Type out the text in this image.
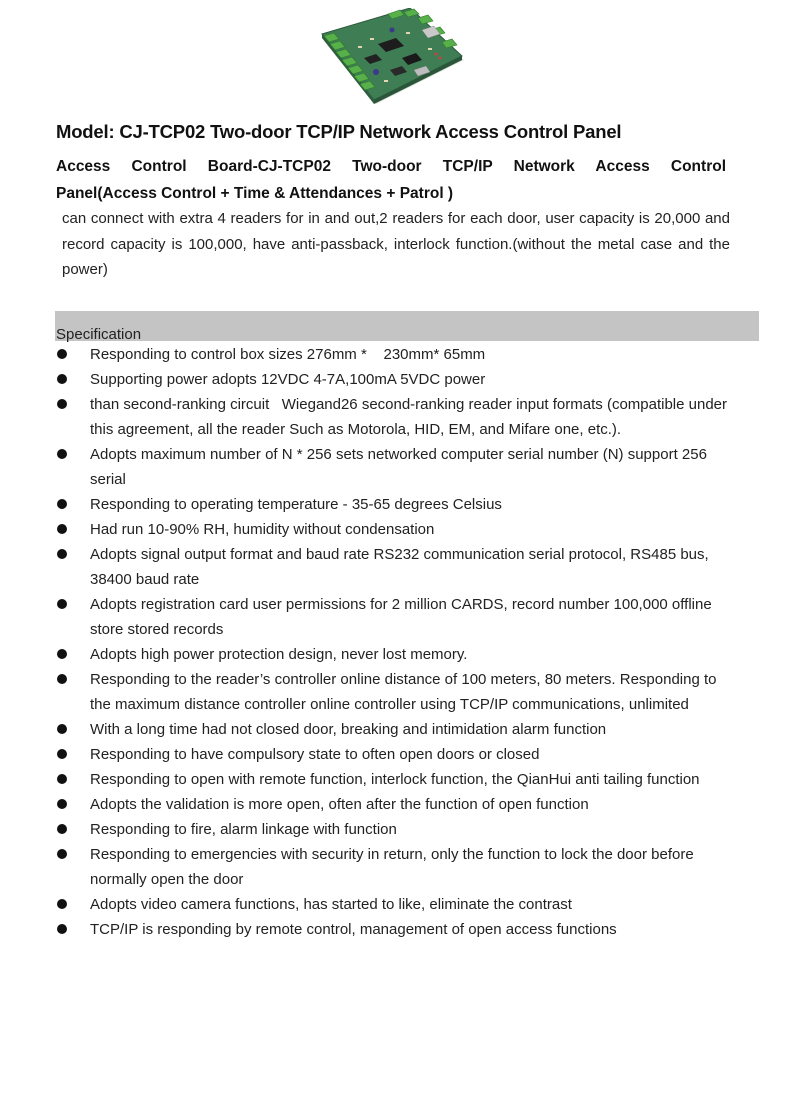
Model: CJ-TCP02 Two-door TCP/IP Network Access Control Panel
Access Control Board-CJ-TCP02 Two-door TCP/IP Network Access Control
Panel(Access Control + Time & Attendances + Patrol )

can connect with extra 4 readers for in and out,2 readers for each door, user capacity is 20,000 and record capacity is 100,000, have anti-passback, interlock function.(without the metal case and the power)

Specification
Responding to control box sizes 276mm *    230mm* 65mm
Supporting power adopts 12VDC 4-7A,100mA 5VDC power
than second-ranking circuit   Wiegand26 second-ranking reader input formats (compatible under this agreement, all the reader Such as Motorola, HID, EM, and Mifare one, etc.).
Adopts maximum number of N * 256 sets networked computer serial number (N) support 256 serial
Responding to operating temperature - 35-65 degrees Celsius
Had run 10-90% RH, humidity without condensation
Adopts signal output format and baud rate RS232 communication serial protocol, RS485 bus, 38400 baud rate
Adopts registration card user permissions for 2 million CARDS, record number 100,000 offline store stored records
Adopts high power protection design, never lost memory.
Responding to the reader’s controller online distance of 100 meters, 80 meters. Responding to the maximum distance controller online controller using TCP/IP communications, unlimited
With a long time had not closed door, breaking and intimidation alarm function
Responding to have compulsory state to often open doors or closed
Responding to open with remote function, interlock function, the QianHui anti tailing function
Adopts the validation is more open, often after the function of open function
Responding to fire, alarm linkage with function
Responding to emergencies with security in return, only the function to lock the door before normally open the door
Adopts video camera functions, has started to like, eliminate the contrast
TCP/IP is responding by remote control, management of open access functions
